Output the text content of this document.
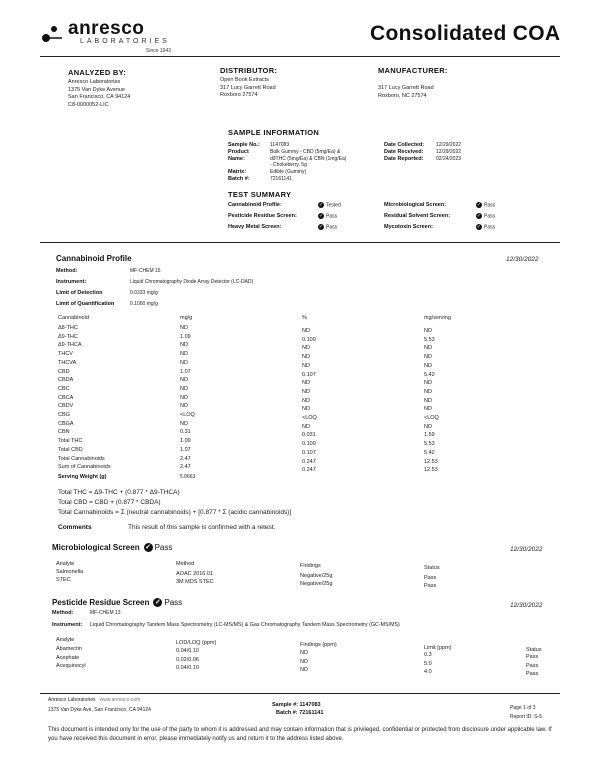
anresco
LABORATORIES
Since 1943
Consolidated COA
ANALYZED BY:
Anresco Laboratories
1375 Van Dyke Avenue
San Francisco, CA 94124
C8-0000052-LIC
DISTRIBUTOR:
Open Book Extracts
317 Lucy Garrett Road
Roxboro 27574
MANUFACTURER:
317 Lucy Garrett Road
Roxboro, NC 27574
SAMPLE INFORMATION
Sample No.: 1147083
Product Name:
Bulk Gummy - CBD (5mg/Ea) &
d9THC (5mg/Ea) & CBN (1mg/Ea)
- Chokeberry, 5g
Matrix:	Edible (Gummy)
Batch #:	72161141
Date Collected: 12/29/2022
Date Received:	12/29/2022
Date Reported:	02/24/2023
TEST SUMMARY
Cannabinoid Profile:	✓ Tested
Pesticide Residue Screen:	✓ Pass
Heavy Metal Screen:	✓ Pass
Microbiological Screen:	✓ Pass
Residual Solvent Screen:	✓ Pass
Mycotoxin Screen:	✓ Pass
Cannabinoid Profile	12/30/2022
Method:	MF-CHEM 15
Instrument:	Liquid Chromatography Diode Array Detector (LC-DAD)
Limit of Detection	0.0333 mg/g
Limit of Quantification	0.1000 mg/g
Cannabinoid	mg/g	%	mg/serving
Δ8-THC	ND	ND	ND
Δ9-THC	1.09	0.109	5.53
Δ9-THCA	ND	ND	ND
THCV	ND	ND	ND
THCVA	ND	ND	ND
CBD	1.07	0.107	5.42
CBDA	ND	ND	ND
CBC	ND	ND	ND
CBCA	ND	ND	ND
CBDV	ND	ND	ND
CBG	<LOQ	<LOQ	<LOQ
CBGA	ND	ND	ND
CBN	0.31	0.031	1.59
Total THC	1.09	0.109	5.53
Total CBD	1.07	0.107	5.42
Total Cannabinoids	2.47	0.247	12.53
Sum of Cannabinoids	2.47	0.247	12.53
Serving Weight (g)	5.0663
Total THC = Δ9-THC + (0.877 * Δ9-THCA)
Total CBD = CBD + (0.877 * CBDA)
Total Cannabinoids = Σ (neutral cannabinoids) + [0.877 * Σ (acidic cannabinoids)]
Comments	This result of this sample is confirmed with a retest.
Microbiological Screen ✓ Pass	12/30/2022
Analyte	Method	Findings	Status
Salmonella	AOAC 2016.01	Negative/25g	Pass
STEC	3M MDS STEC	Negative/25g	Pass
Pesticide Residue Screen ✓ Pass	12/30/2022
Method:	MF-CHEM 13
Instrument: Liquid Chromatography Tandem Mass Spectrometry (LC-MS/MS) & Gas Chromatography Tandem Mass Spectrometry (GC-MS/MS)
Analyte	LOD/LOQ (ppm)	Findings (ppm)	Limit (ppm)	Status
Abamectin	0.04/0.10	ND	0.3	Pass
Acephate	0.02/0.06	ND	5.0	Pass
Acequinocyl	0.04/0.10	ND	4.0	Pass
Anresco Laboratories www.anresco.com
1375 Van Dyke Ave, San Francisco, CA 94124
Sample #: 1147083
Batch #: 72161141
Page 1 of 3
Report ID: S-5
This document is intended only for the use of the party to whom it is addressed and may contain information that is privileged, confidential or protected from disclosure under applicable law. If you have received this document in error, please immediately notify us and return it to the address listed above.
